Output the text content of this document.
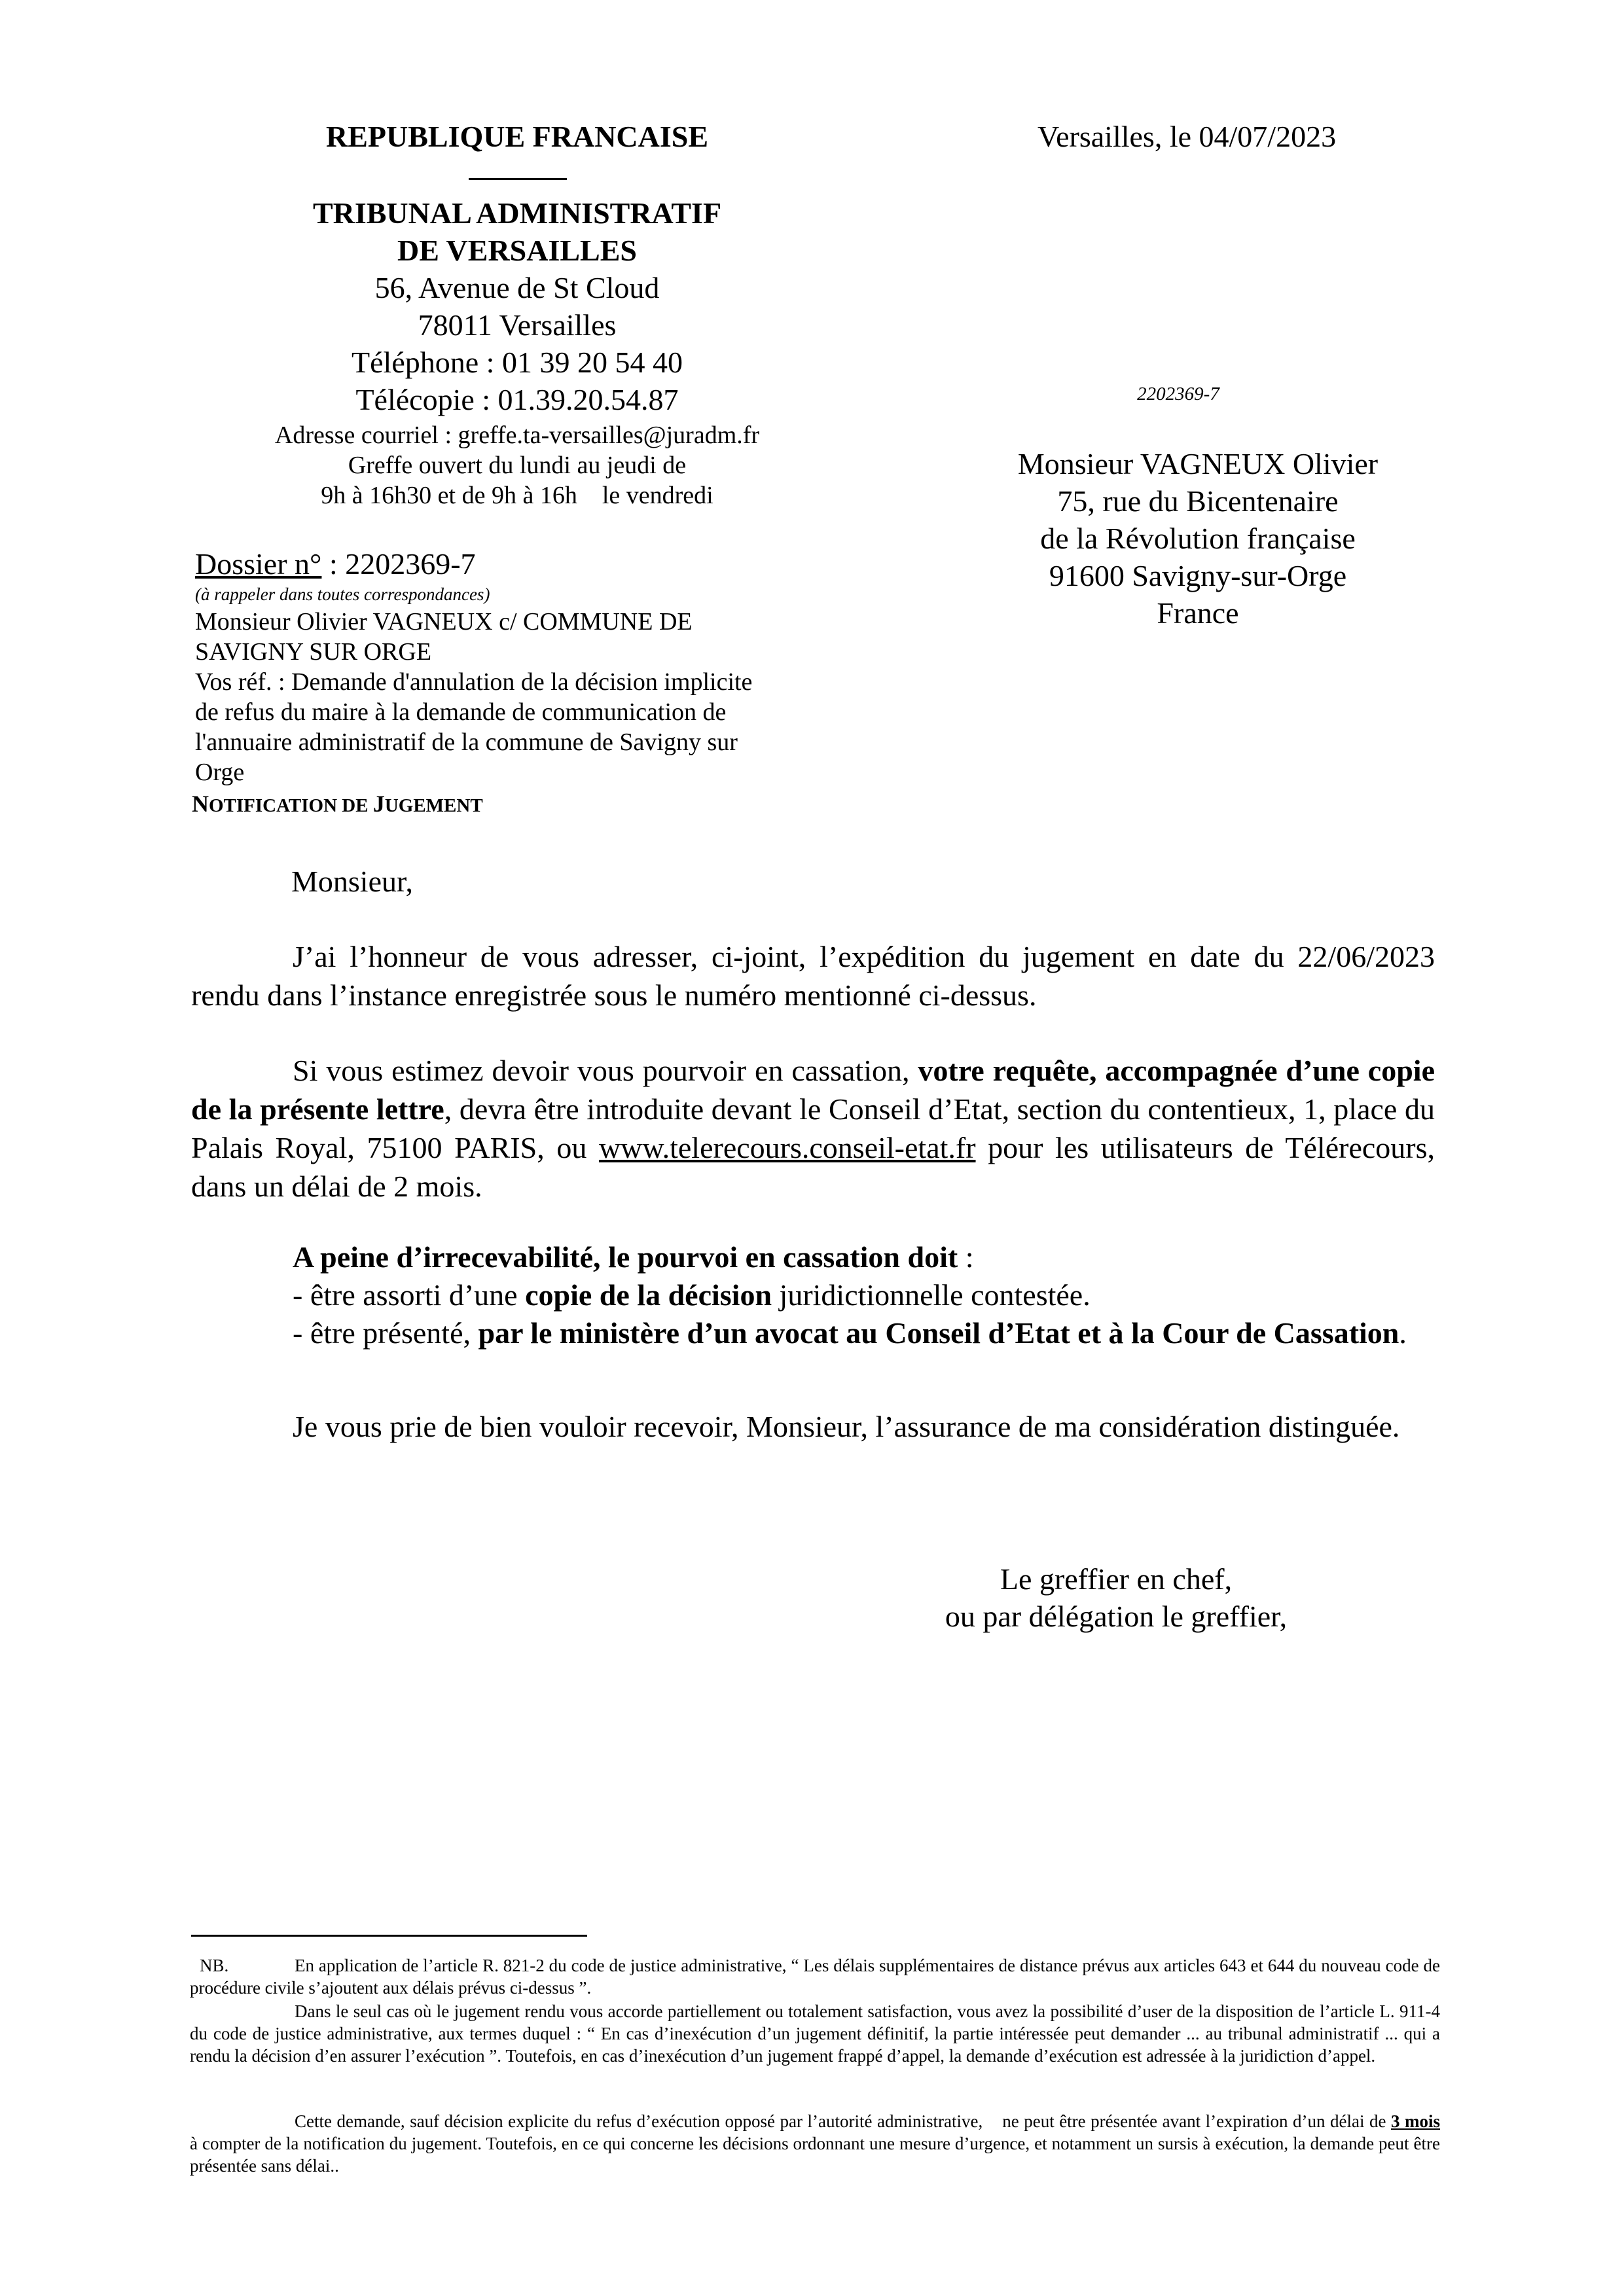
REPUBLIQUE FRANCAISE
TRIBUNAL ADMINISTRATIF
DE VERSAILLES
56, Avenue de St Cloud
78011 Versailles
Téléphone : 01 39 20 54 40
Télécopie : 01.39.20.54.87
Adresse courriel : greffe.ta-versailles@juradm.fr
Greffe ouvert du lundi au jeudi de
9h à 16h30 et de 9h à 16h    le vendredi
Versailles, le 04/07/2023
2202369-7
Monsieur VAGNEUX Olivier
75, rue du Bicentenaire
de la Révolution française
91600 Savigny-sur-Orge
France
Dossier n° : 2202369-7
(à rappeler dans toutes correspondances)
Monsieur Olivier VAGNEUX c/ COMMUNE DE
SAVIGNY SUR ORGE
Vos réf. : Demande d'annulation de la décision implicite
de refus du maire à la demande de communication de
l'annuaire administratif de la commune de Savigny sur
Orge
NOTIFICATION DE JUGEMENT
Monsieur,
J’ai l’honneur de vous adresser, ci-joint, l’expédition du jugement en date du 22/06/2023 rendu dans l’instance enregistrée sous le numéro mentionné ci-dessus.
Si vous estimez devoir vous pourvoir en cassation, votre requête, accompagnée d’une copie de la présente lettre, devra être introduite devant le Conseil d’Etat, section du contentieux, 1, place du Palais Royal, 75100 PARIS, ou www.telerecours.conseil-etat.fr pour les utilisateurs de Télérecours,     dans un délai de 2 mois.
A peine d’irrecevabilité, le pourvoi en cassation doit :
- être assorti d’une copie de la décision juridictionnelle contestée.
- être présenté, par le ministère d’un avocat au Conseil d’Etat et à la Cour de Cassation.
Je vous prie de bien vouloir recevoir, Monsieur, l’assurance de ma considération distinguée.
Le greffier en chef,
ou par délégation le greffier,
NB.	En application de l’article R. 821-2 du code de justice administrative, “ Les délais supplémentaires de distance prévus aux articles 643 et 644 du nouveau code de procédure civile s’ajoutent aux délais prévus ci-dessus ”.
Dans le seul cas où le jugement rendu vous accorde partiellement ou totalement satisfaction, vous avez la possibilité d’user de la disposition de l’article L. 911-4 du code de justice administrative, aux termes duquel : “ En cas d’inexécution d’un jugement définitif, la partie intéressée peut demander ... au tribunal administratif ... qui a rendu la décision d’en assurer l’exécution ”. Toutefois, en cas d’inexécution d’un jugement frappé d’appel, la demande d’exécution est adressée à la juridiction d’appel.
Cette demande, sauf décision explicite du refus d’exécution opposé par l’autorité administrative,    ne peut être présentée avant l’expiration d’un délai de 3 mois   à compter de la notification du jugement. Toutefois, en ce qui concerne les décisions ordonnant une mesure d’urgence, et notamment un sursis à exécution, la demande peut être présentée sans délai..
